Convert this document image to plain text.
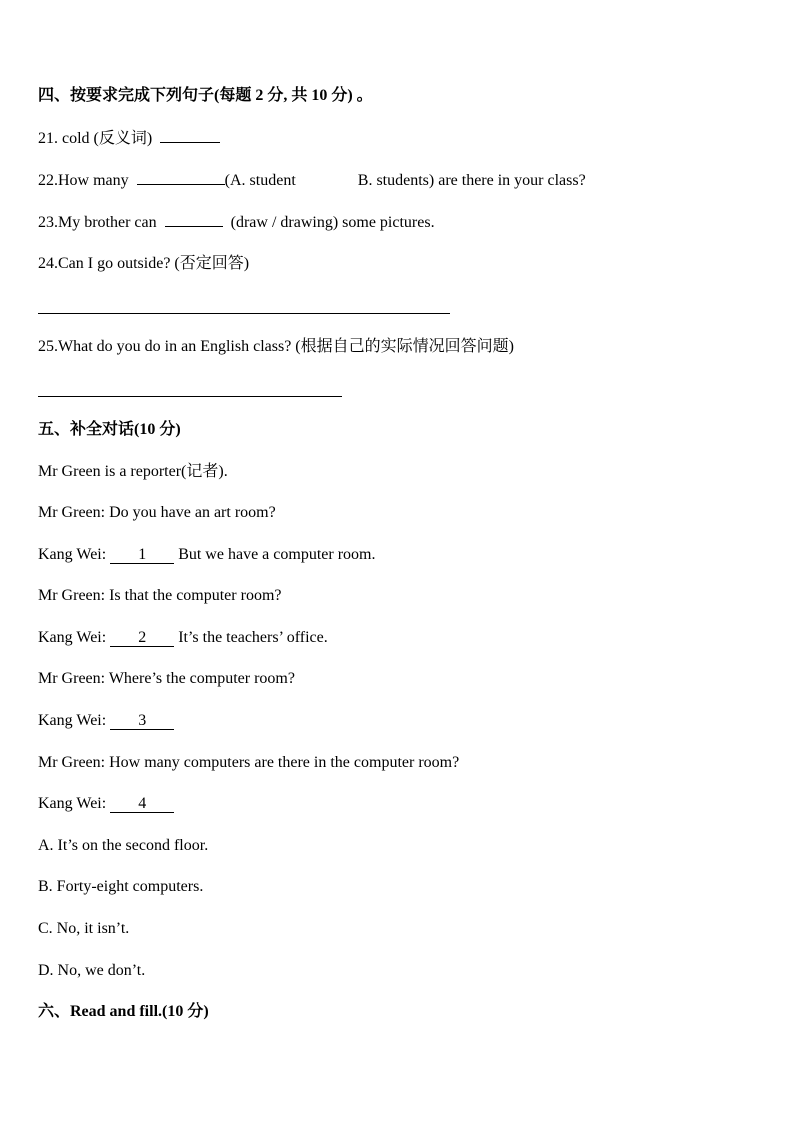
四、按要求完成下列句子(每题 2 分, 共 10 分) 。
21. cold (反义词)
22.How many	(A. student	B. students) are there in your class?
23.My brother can	(draw / drawing) some pictures.
24.Can I go outside? (否定回答)
25.What do you do in an English class? (根据自己的实际情况回答问题)
五、补全对话(10 分)
Mr Green is a reporter(记者).
Mr Green: Do you have an art room?
Kang Wei: 1 But we have a computer room.
Mr Green: Is that the computer room?
Kang Wei: 2 It’s the teachers’ office.
Mr Green: Where’s the computer room?
Kang Wei: 3
Mr Green: How many computers are there in the computer room?
Kang Wei: 4
A. It’s on the second floor.
B. Forty-eight computers.
C. No, it isn’t.
D. No, we don’t.
六、Read and fill.(10 分)
